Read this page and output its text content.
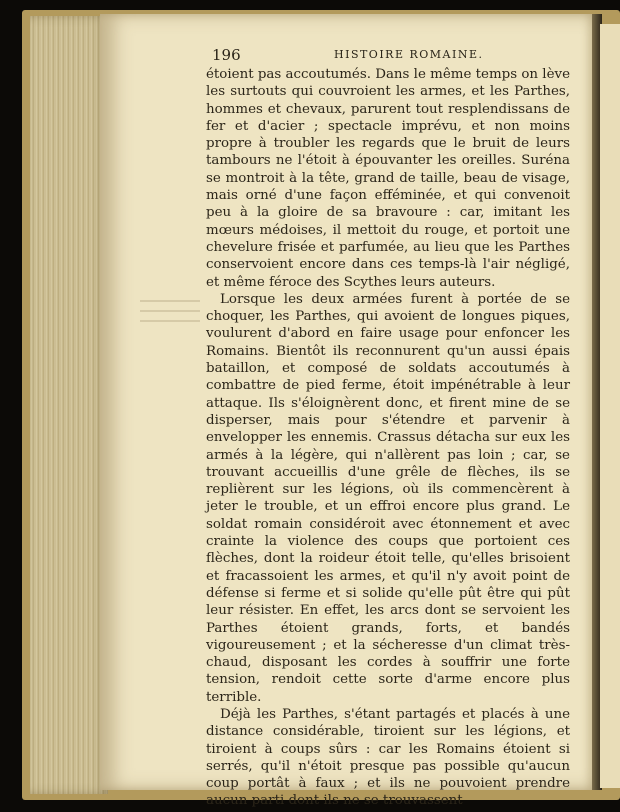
196	HISTOIRE ROMAINE.

étoient pas accoutumés. Dans le même temps on lève les surtouts qui couvroient les armes, et les Parthes, hommes et chevaux, parurent tout resplendissans de fer et d'acier ; spectacle imprévu, et non moins propre à troubler les regards que le bruit de leurs tambours ne l'étoit à épouvanter les oreilles. Suréna se montroit à la tête, grand de taille, beau de visage, mais orné d'une façon efféminée, et qui convenoit peu à la gloire de sa bravoure : car, imitant les mœurs médoises, il mettoit du rouge, et portoit une chevelure frisée et parfumée, au lieu que les Parthes conservoient encore dans ces temps-là l'air négligé, et même féroce des Scythes leurs auteurs.

Lorsque les deux armées furent à portée de se choquer, les Parthes, qui avoient de longues piques, voulurent d'abord en faire usage pour enfoncer les Romains. Bientôt ils reconnurent qu'un aussi épais bataillon, et composé de soldats accoutumés à combattre de pied ferme, étoit impénétrable à leur attaque. Ils s'éloignèrent donc, et firent mine de se disperser, mais pour s'étendre et parvenir à envelopper les ennemis. Crassus détacha sur eux les armés à la légère, qui n'allèrent pas loin ; car, se trouvant accueillis d'une grêle de flèches, ils se replièrent sur les légions, où ils commencèrent à jeter le trouble, et un effroi encore plus grand. Le soldat romain considéroit avec étonnement et avec crainte la violence des coups que portoient ces flèches, dont la roideur étoit telle, qu'elles brisoient et fracassoient les armes, et qu'il n'y avoit point de défense si ferme et si solide qu'elle pût être qui pût leur résister. En effet, les arcs dont se servoient les Parthes étoient grands, forts, et bandés vigoureusement ; et la sécheresse d'un climat très-chaud, disposant les cordes à souffrir une forte tension, rendoit cette sorte d'arme encore plus terrible.

Déjà les Parthes, s'étant partagés et placés à une distance considérable, tiroient sur les légions, et tiroient à coups sûrs : car les Romains étoient si serrés, qu'il n'étoit presque pas possible qu'aucun coup portât à faux ; et ils ne pouvoient prendre aucun parti dont ils ne se trouvassent
